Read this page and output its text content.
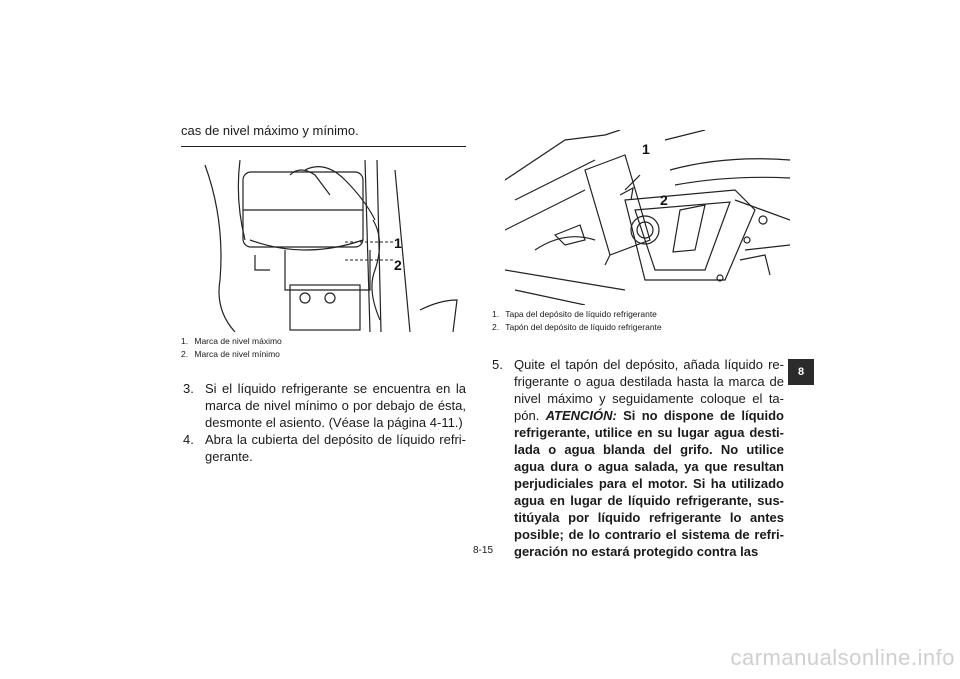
cas de nivel máximo y mínimo.
1
2
1. Marca de nivel máximo
2. Marca de nivel mínimo
3. Si el líquido refrigerante se encuentra en la marca de nivel mínimo o por debajo de ésta, desmonte el asiento. (Véase la página 4-11.)
4. Abra la cubierta del depósito de líquido refri-gerante.
1
2
1. Tapa del depósito de líquido refrigerante
2. Tapón del depósito de líquido refrigerante
5. Quite el tapón del depósito, añada líquido re-frigerante o agua destilada hasta la marca de nivel máximo y seguidamente coloque el ta-pón. ATENCIÓN: Si no dispone de líquido refrigerante, utilice en su lugar agua desti-lada o agua blanda del grifo. No utilice agua dura o agua salada, ya que resultan perjudiciales para el motor. Si ha utilizado agua en lugar de líquido refrigerante, sus-titúyala por líquido refrigerante lo antes posible; de lo contrario el sistema de refri-geración no estará protegido contra las
8-15
8
carmanualsonline.info
